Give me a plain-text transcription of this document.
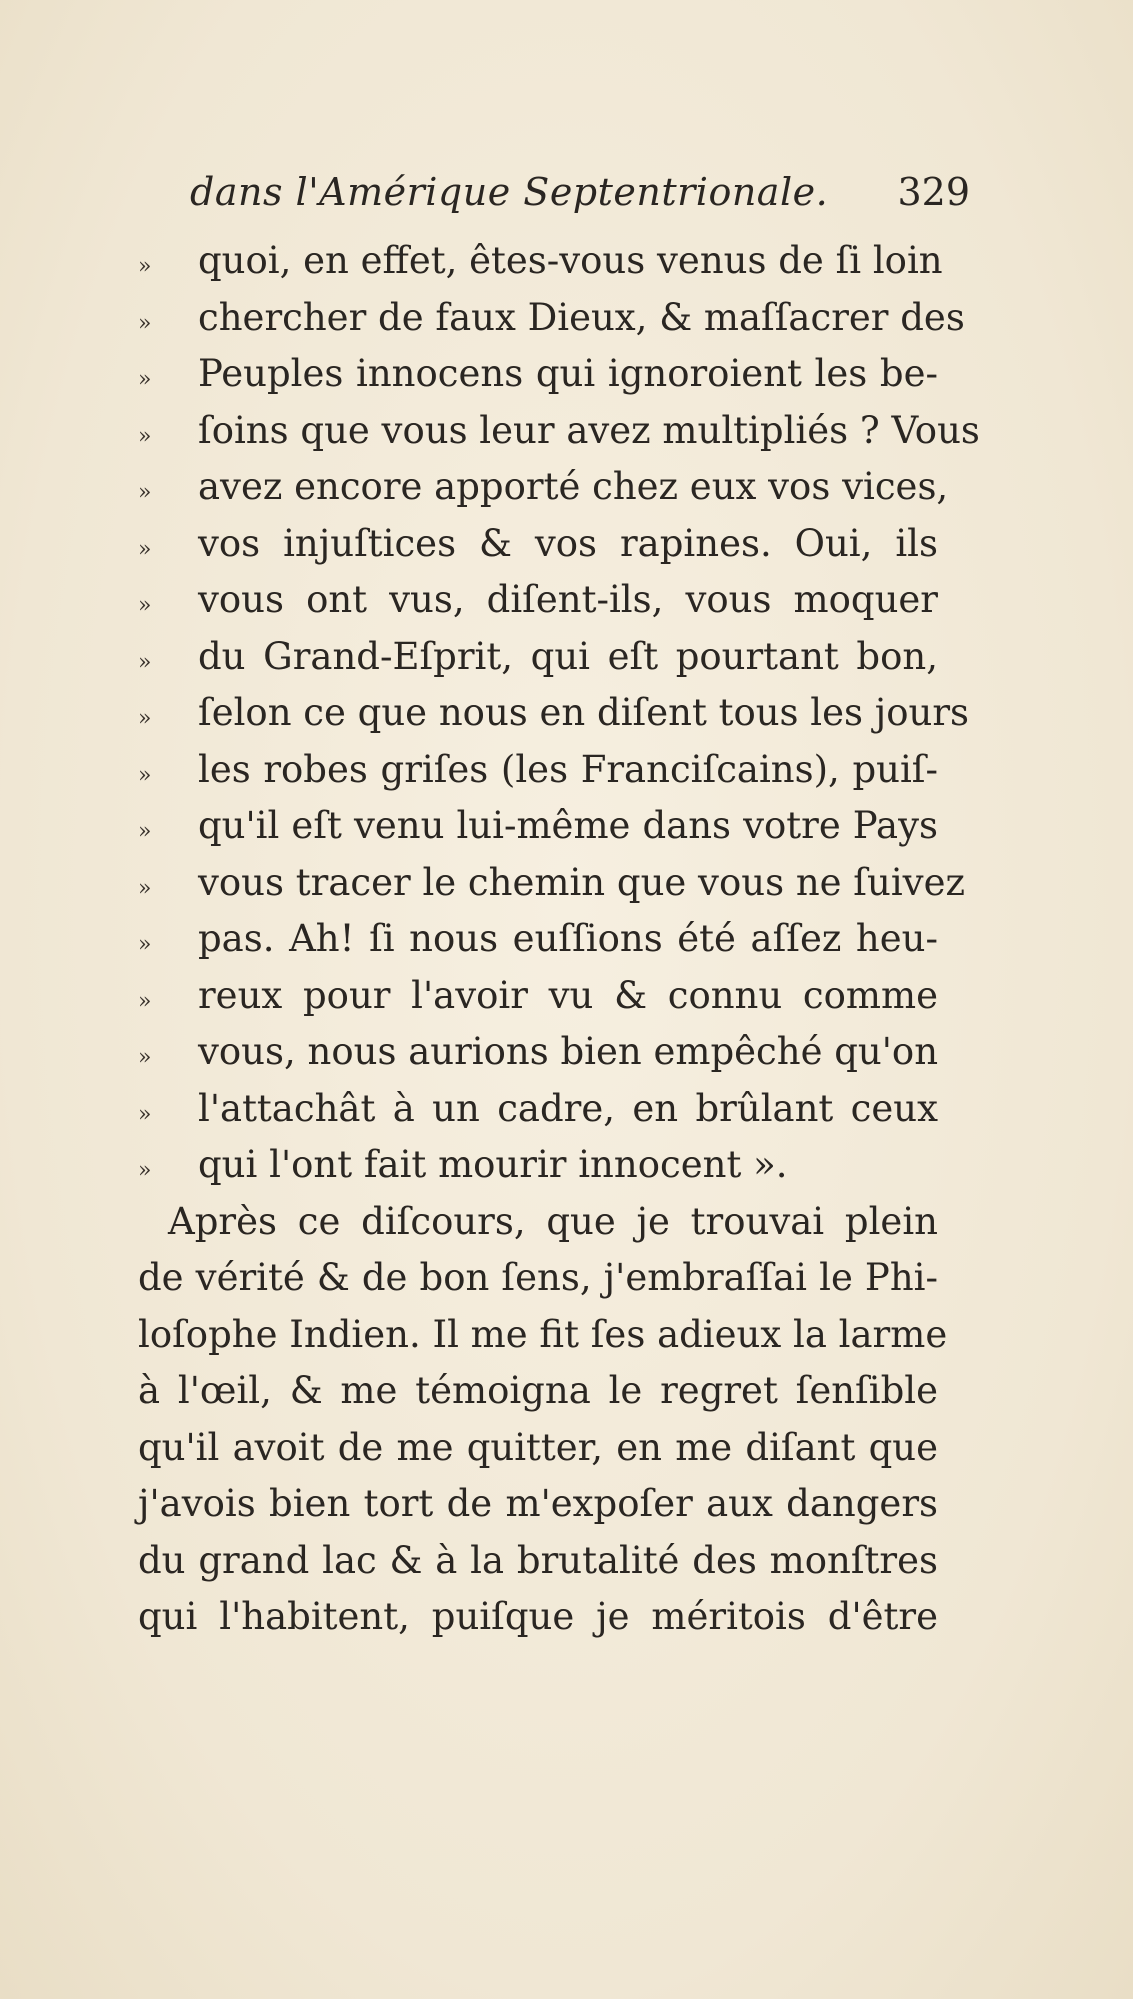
dans l'Amérique Septentrionale. 329
»	quoi, en effet, êtes-vous venus de ſi loin
»	chercher de faux Dieux, & maſſacrer des
»	Peuples innocens qui ignoroient les be-
»	ſoins que vous leur avez multipliés ? Vous
»	avez encore apporté chez eux vos vices,
»	vos injuſtices & vos rapines. Oui, ils
»	vous ont vus, diſent-ils, vous moquer
»	du Grand-Eſprit, qui eſt pourtant bon,
»	ſelon ce que nous en diſent tous les jours
»	les robes griſes (les Franciſcains), puiſ-
»	qu'il eſt venu lui-même dans votre Pays
»	vous tracer le chemin que vous ne ſuivez
»	pas. Ah! ſi nous euſſions été aſſez heu-
»	reux pour l'avoir vu & connu comme
»	vous, nous aurions bien empêché qu'on
»	l'attachât à un cadre, en brûlant ceux
»	qui l'ont fait mourir innocent ».
Après ce diſcours, que je trouvai plein
de vérité & de bon ſens, j'embraſſai le Phi-
loſophe Indien. Il me fit ſes adieux la larme
à l'œil, & me témoigna le regret ſenſible
qu'il avoit de me quitter, en me diſant que
j'avois bien tort de m'expoſer aux dangers
du grand lac & à la brutalité des monſtres
qui l'habitent, puiſque je méritois d'être
